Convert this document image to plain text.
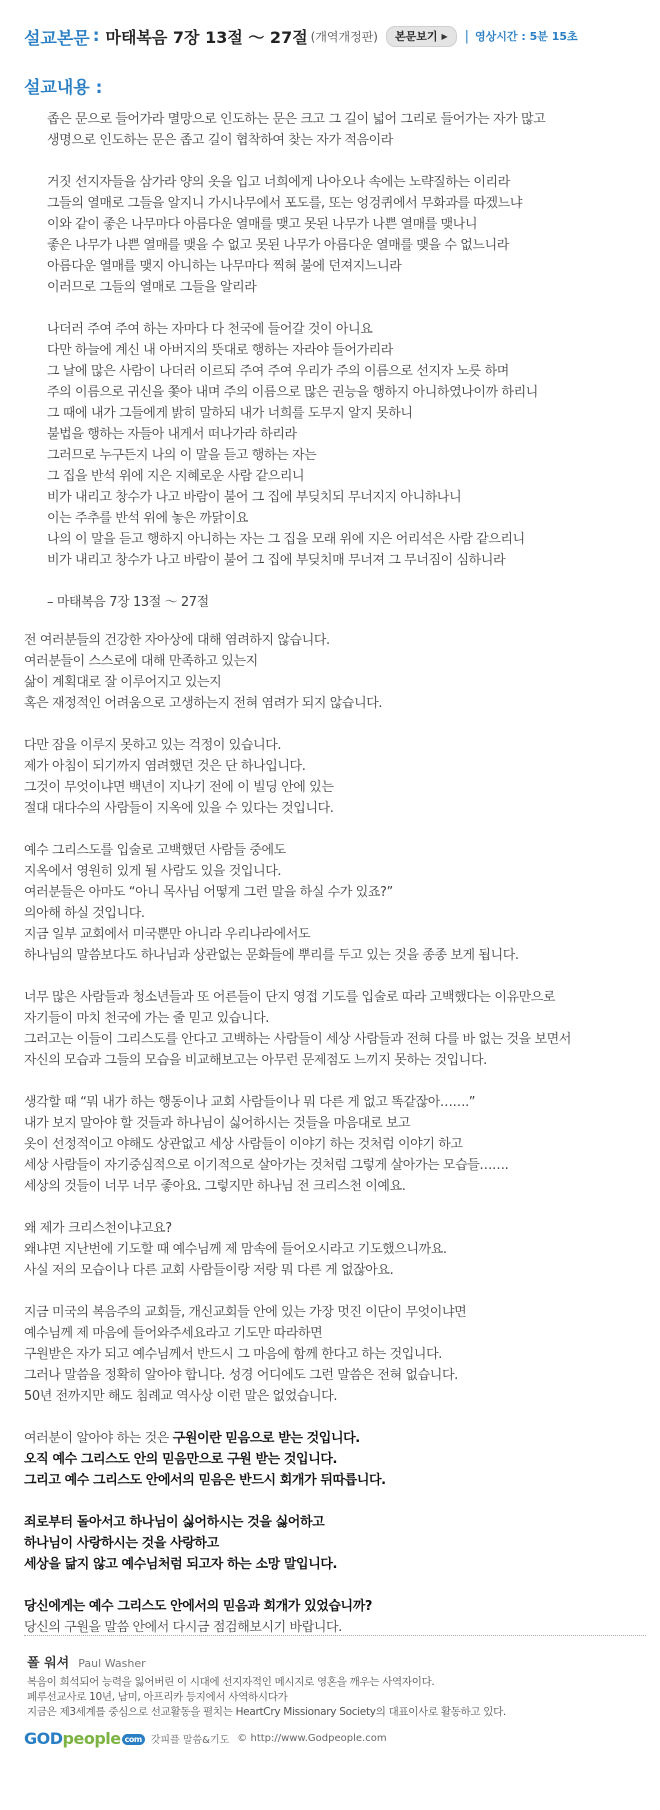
설교본문 : 마태복음 7장 13절 ～ 27절 (개역개정판) 본문보기 ▶ | 영상시간 : 5분 15초
설교내용 :
좁은 문으로 들어가라 멸망으로 인도하는 문은 크고 그 길이 넓어 그리로 들어가는 자가 많고
생명으로 인도하는 문은 좁고 길이 협착하여 찾는 자가 적음이라
거짓 선지자들을 삼가라 양의 옷을 입고 너희에게 나아오나 속에는 노략질하는 이리라
그들의 열매로 그들을 알지니 가시나무에서 포도를, 또는 엉겅퀴에서 무화과를 따겠느냐
이와 같이 좋은 나무마다 아름다운 열매를 맺고 못된 나무가 나쁜 열매를 맺나니
좋은 나무가 나쁜 열매를 맺을 수 없고 못된 나무가 아름다운 열매를 맺을 수 없느니라
아름다운 열매를 맺지 아니하는 나무마다 찍혀 불에 던져지느니라
이러므로 그들의 열매로 그들을 알리라
나더러 주여 주여 하는 자마다 다 천국에 들어갈 것이 아니요
다만 하늘에 계신 내 아버지의 뜻대로 행하는 자라야 들어가리라
그 날에 많은 사람이 나더러 이르되 주여 주여 우리가 주의 이름으로 선지자 노릇 하며
주의 이름으로 귀신을 쫓아 내며 주의 이름으로 많은 권능을 행하지 아니하였나이까 하리니
그 때에 내가 그들에게 밝히 말하되 내가 너희를 도무지 알지 못하니
불법을 행하는 자들아 내게서 떠나가라 하리라
그러므로 누구든지 나의 이 말을 듣고 행하는 자는
그 집을 반석 위에 지은 지혜로운 사람 같으리니
비가 내리고 창수가 나고 바람이 불어 그 집에 부딪치되 무너지지 아니하나니
이는 주추를 반석 위에 놓은 까닭이요
나의 이 말을 듣고 행하지 아니하는 자는 그 집을 모래 위에 지은 어리석은 사람 같으리니
비가 내리고 창수가 나고 바람이 불어 그 집에 부딪치매 무너져 그 무너짐이 심하니라
– 마태복음 7장 13절 ～ 27절
전 여러분들의 건강한 자아상에 대해 염려하지 않습니다.
여러분들이 스스로에 대해 만족하고 있는지
삶이 계획대로 잘 이루어지고 있는지
혹은 재정적인 어려움으로 고생하는지 전혀 염려가 되지 않습니다.
다만 잠을 이루지 못하고 있는 걱정이 있습니다.
제가 아침이 되기까지 염려했던 것은 단 하나입니다.
그것이 무엇이냐면 백년이 지나기 전에 이 빌딩 안에 있는
절대 대다수의 사람들이 지옥에 있을 수 있다는 것입니다.
예수 그리스도를 입술로 고백했던 사람들 중에도
지옥에서 영원히 있게 될 사람도 있을 것입니다.
여러분들은 아마도 “아니 목사님 어떻게 그런 말을 하실 수가 있죠?”
의아해 하실 것입니다.
지금 일부 교회에서 미국뿐만 아니라 우리나라에서도
하나님의 말씀보다도 하나님과 상관없는 문화들에 뿌리를 두고 있는 것을 종종 보게 됩니다.
너무 많은 사람들과 청소년들과 또 어른들이 단지 영접 기도를 입술로 따라 고백했다는 이유만으로
자기들이 마치 천국에 가는 줄 믿고 있습니다.
그러고는 이들이 그리스도를 안다고 고백하는 사람들이 세상 사람들과 전혀 다를 바 없는 것을 보면서
자신의 모습과 그들의 모습을 비교해보고는 아무런 문제점도 느끼지 못하는 것입니다.
생각할 때 “뭐 내가 하는 행동이나 교회 사람들이나 뭐 다른 게 없고 똑같잖아…….”
내가 보지 말아야 할 것들과 하나님이 싫어하시는 것들을 마음대로 보고
옷이 선정적이고 야해도 상관없고 세상 사람들이 이야기 하는 것처럼 이야기 하고
세상 사람들이 자기중심적으로 이기적으로 살아가는 것처럼 그렇게 살아가는 모습들…….
세상의 것들이 너무 너무 좋아요. 그렇지만 하나님 전 크리스천 이예요.
왜 제가 크리스천이냐고요?
왜냐면 지난번에 기도할 때 예수님께 제 맘속에 들어오시라고 기도했으니까요.
사실 저의 모습이나 다른 교회 사람들이랑 저랑 뭐 다른 게 없잖아요.
지금 미국의 복음주의 교회들, 개신교회들 안에 있는 가장 멋진 이단이 무엇이냐면
예수님께 제 마음에 들어와주세요라고 기도만 따라하면
구원받은 자가 되고 예수님께서 반드시 그 마음에 함께 한다고 하는 것입니다.
그러나 말씀을 정확히 알아야 합니다. 성경 어디에도 그런 말씀은 전혀 없습니다.
50년 전까지만 해도 침례교 역사상 이런 말은 없었습니다.
여러분이 알아야 하는 것은 구원이란 믿음으로 받는 것입니다.
오직 예수 그리스도 안의 믿음만으로 구원 받는 것입니다.
그리고 예수 그리스도 안에서의 믿음은 반드시 회개가 뒤따릅니다.
죄로부터 돌아서고 하나님이 싫어하시는 것을 싫어하고
하나님이 사랑하시는 것을 사랑하고
세상을 닮지 않고 예수님처럼 되고자 하는 소망 말입니다.
당신에게는 예수 그리스도 안에서의 믿음과 회개가 있었습니까?
당신의 구원을 말씀 안에서 다시금 점검해보시기 바랍니다.
폴 워셔 Paul Washer
복음이 희석되어 능력을 잃어버린 이 시대에 선지자적인 메시지로 영혼을 깨우는 사역자이다.
페루선교사로 10년, 남미, 아프리카 등지에서 사역하시다가
지금은 제3세계를 중심으로 선교활동을 펼치는 HeartCry Missionary Society의 대표이사로 활동하고 있다.
GOD people com 갓피플 말씀&기도 © http://www.Godpeople.com
